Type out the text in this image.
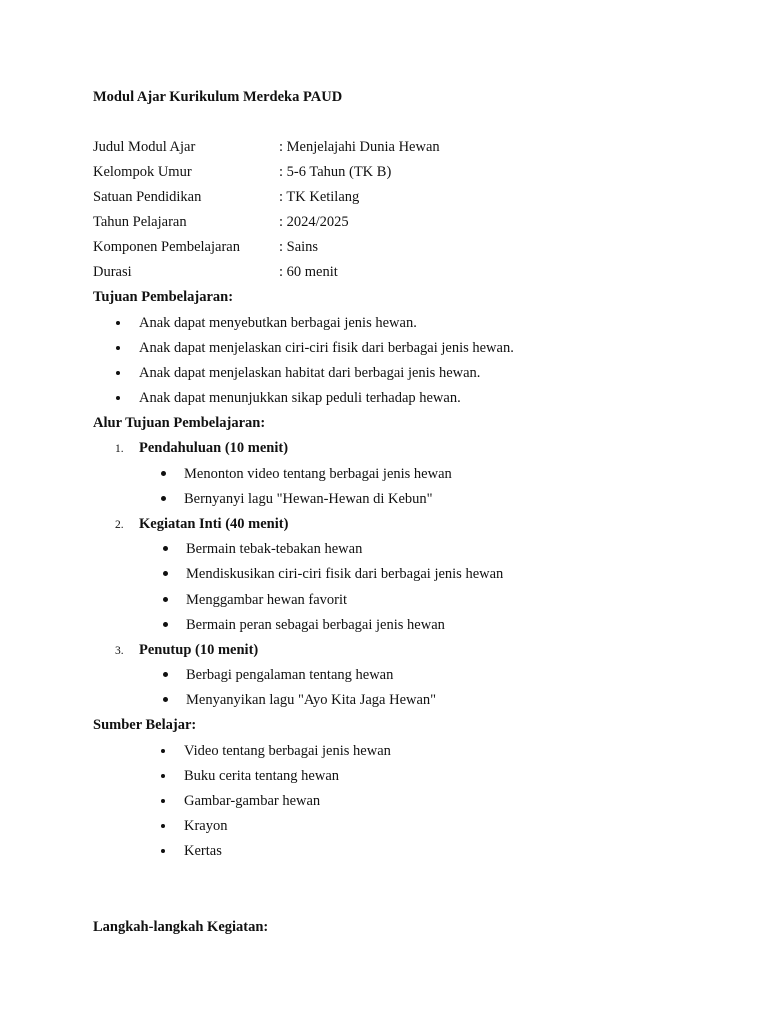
Modul Ajar Kurikulum Merdeka PAUD
Judul Modul Ajar	: Menjelajahi Dunia Hewan
Kelompok Umur	: 5-6 Tahun (TK B)
Satuan Pendidikan	: TK Ketilang
Tahun Pelajaran	: 2024/2025
Komponen Pembelajaran	: Sains
Durasi	: 60 menit
Tujuan Pembelajaran:
Anak dapat menyebutkan berbagai jenis hewan.
Anak dapat menjelaskan ciri-ciri fisik dari berbagai jenis hewan.
Anak dapat menjelaskan habitat dari berbagai jenis hewan.
Anak dapat menunjukkan sikap peduli terhadap hewan.
Alur Tujuan Pembelajaran:
1. Pendahuluan (10 menit)
Menonton video tentang berbagai jenis hewan
Bernyanyi lagu "Hewan-Hewan di Kebun"
2. Kegiatan Inti (40 menit)
Bermain tebak-tebakan hewan
Mendiskusikan ciri-ciri fisik dari berbagai jenis hewan
Menggambar hewan favorit
Bermain peran sebagai berbagai jenis hewan
3. Penutup (10 menit)
Berbagi pengalaman tentang hewan
Menyanyikan lagu "Ayo Kita Jaga Hewan"
Sumber Belajar:
Video tentang berbagai jenis hewan
Buku cerita tentang hewan
Gambar-gambar hewan
Krayon
Kertas
Langkah-langkah Kegiatan:
